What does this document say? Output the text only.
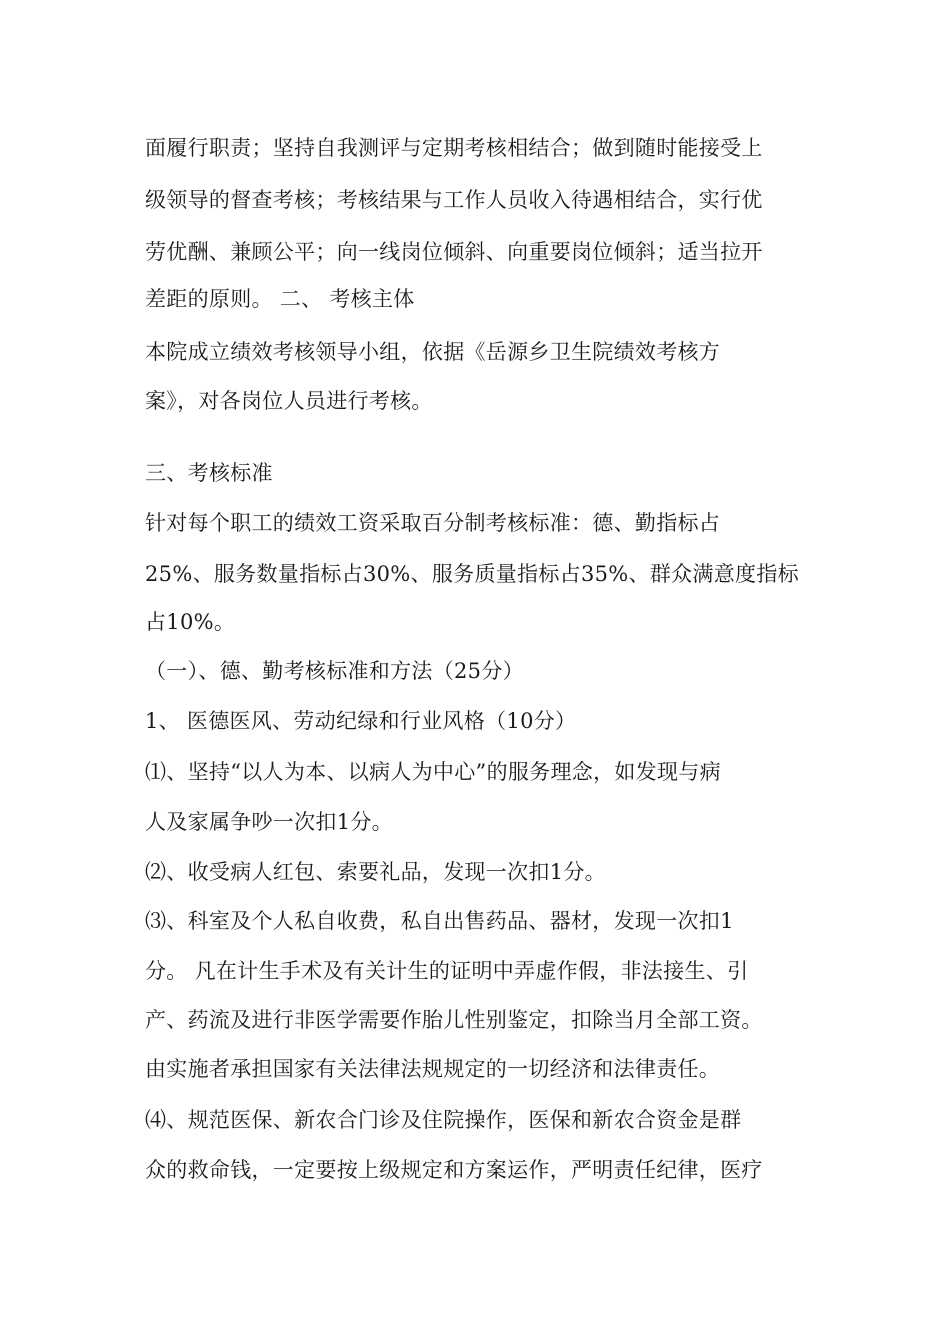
面履行职责；坚持自我测评与定期考核相结合；做到随时能接受上
级领导的督查考核；考核结果与工作人员收入待遇相结合，实行优
劳优酬、兼顾公平；向一线岗位倾斜、向重要岗位倾斜；适当拉开
差距的原则。 二、 考核主体
本院成立绩效考核领导小组，依据《岳源乡卫生院绩效考核方
案》，对各岗位人员进行考核。
三、考核标准
针对每个职工的绩效工资采取百分制考核标准：德、勤指标占
25%、服务数量指标占30%、服务质量指标占35%、群众满意度指标
占10%。
（一）、德、勤考核标准和方法（25分）
1、 医德医风、劳动纪绿和行业风格（10分）
⑴、坚持“以人为本、以病人为中心”的服务理念，如发现与病
人及家属争吵一次扣1分。
⑵、收受病人红包、索要礼品，发现一次扣1分。
⑶、科室及个人私自收费，私自出售药品、器材，发现一次扣1
分。 凡在计生手术及有关计生的证明中弄虚作假，非法接生、引
产、药流及进行非医学需要作胎儿性别鉴定，扣除当月全部工资。
由实施者承担国家有关法律法规规定的一切经济和法律责任。
⑷、规范医保、新农合门诊及住院操作，医保和新农合资金是群
众的救命钱，一定要按上级规定和方案运作，严明责任纪律，医疗
